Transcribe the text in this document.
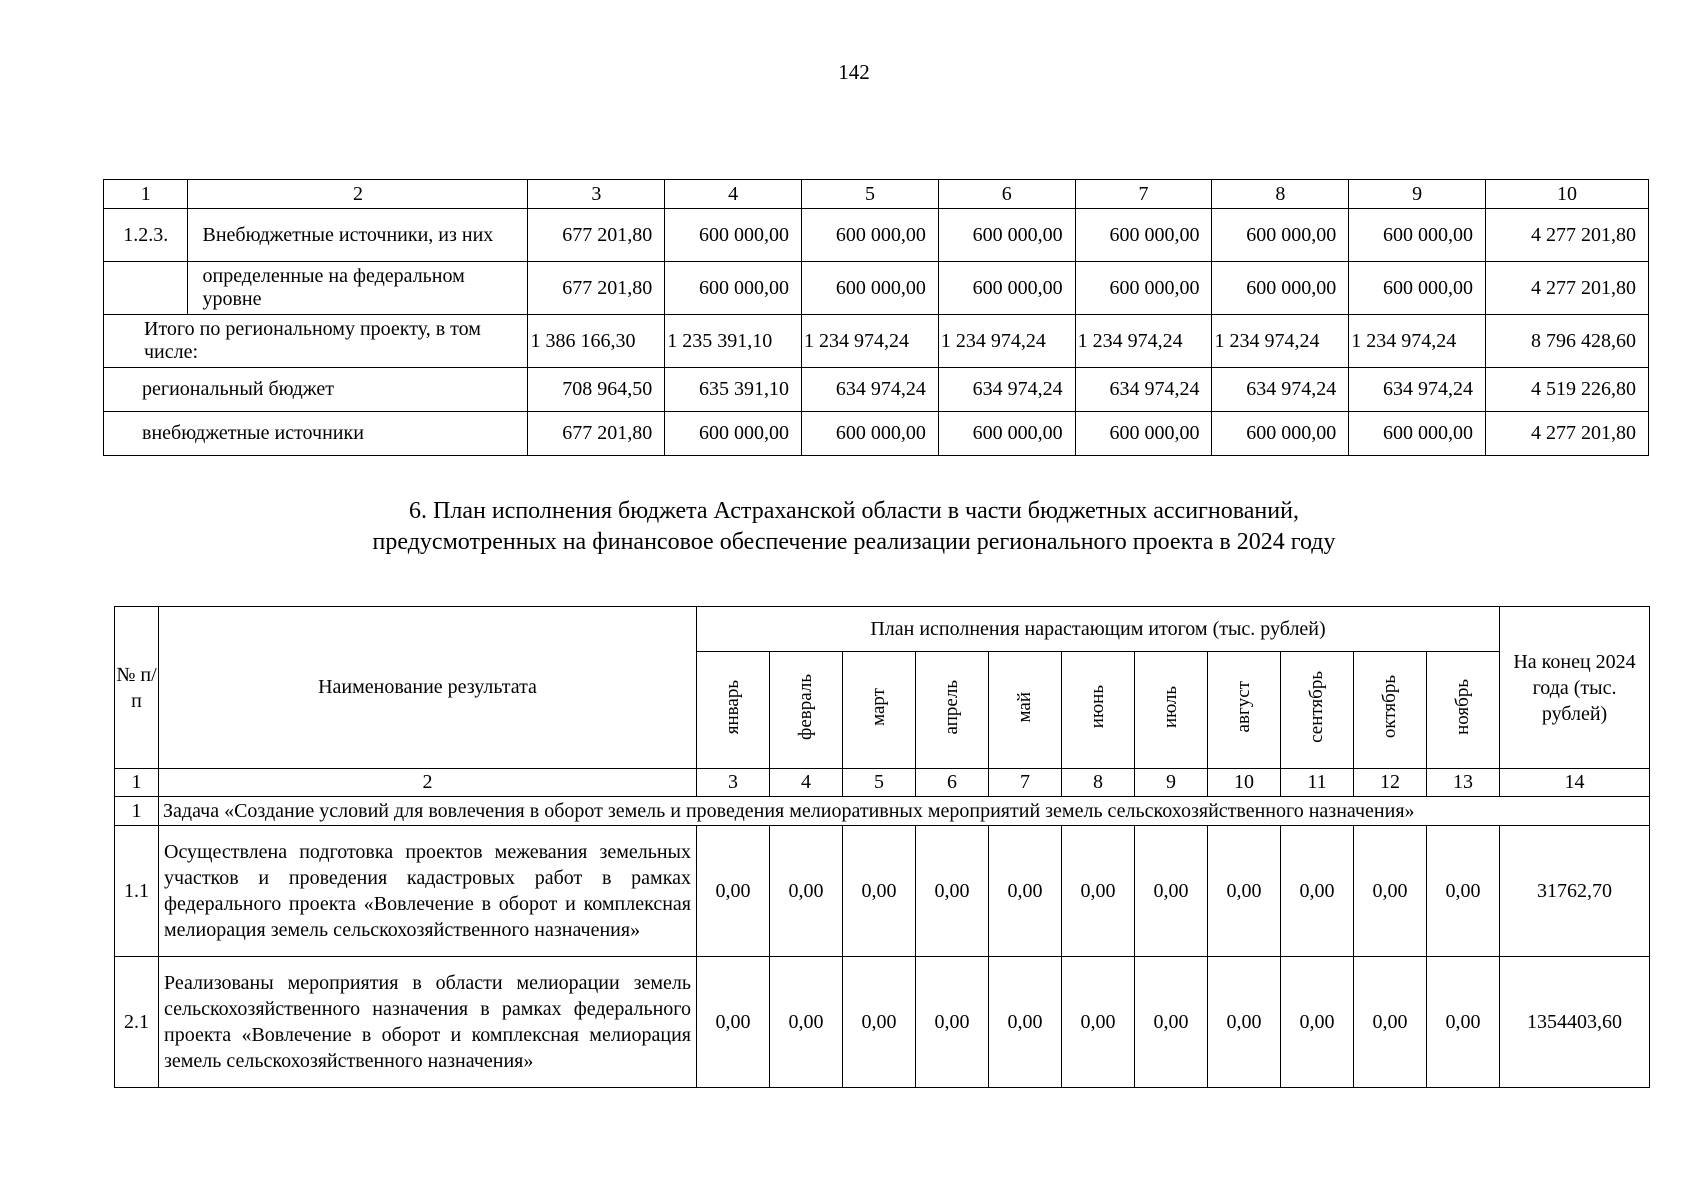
142
1	2	3	4	5	6	7	8	9	10
1.2.3.	Внебюджетные источники, из них	677 201,80	600 000,00	600 000,00	600 000,00	600 000,00	600 000,00	600 000,00	4 277 201,80
	определенные на федеральном уровне	677 201,80	600 000,00	600 000,00	600 000,00	600 000,00	600 000,00	600 000,00	4 277 201,80
Итого по региональному проекту, в том числе:		1 386 166,30	1 235 391,10	1 234 974,24	1 234 974,24	1 234 974,24	1 234 974,24	1 234 974,24	8 796 428,60
региональный бюджет		708 964,50	635 391,10	634 974,24	634 974,24	634 974,24	634 974,24	634 974,24	4 519 226,80
внебюджетные источники		677 201,80	600 000,00	600 000,00	600 000,00	600 000,00	600 000,00	600 000,00	4 277 201,80
6. План исполнения бюджета Астраханской области в части бюджетных ассигнований,
предусмотренных на финансовое обеспечение реализации регионального проекта в 2024 году
№ п/ п	Наименование результата	План исполнения нарастающим итогом (тыс. рублей)											На конец 2024 года (тыс. рублей)
		январь	февраль	март	апрель	май	июнь	июль	август	сентябрь	октябрь	ноябрь	
1	2	3	4	5	6	7	8	9	10	11	12	13	14
1	Задача «Создание условий для вовлечения в оборот земель и проведения мелиоративных мероприятий земель сельскохозяйственного назначения»												
1.1	Осуществлена подготовка проектов межевания земельных участков и проведения кадастровых работ в рамках федерального проекта «Вовлечение в оборот и комплексная мелиорация земель сельскохозяйственного назначения»	0,00	0,00	0,00	0,00	0,00	0,00	0,00	0,00	0,00	0,00	0,00	31762,70
2.1	Реализованы мероприятия в области мелиорации земель сельскохозяйственного назначения в рамках федерального проекта «Вовлечение в оборот и комплексная мелиорация земель сельскохозяйственного назначения»	0,00	0,00	0,00	0,00	0,00	0,00	0,00	0,00	0,00	0,00	0,00	1354403,60
